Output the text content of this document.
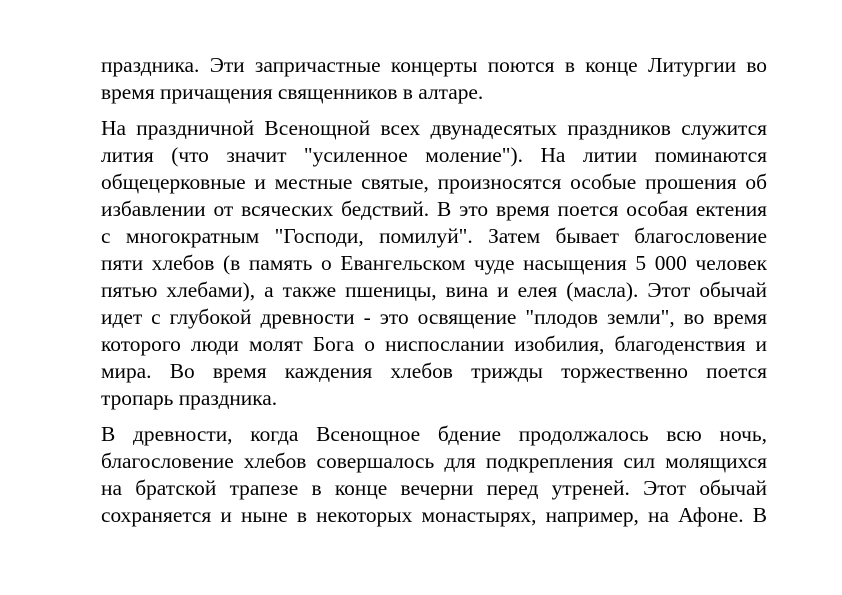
праздника. Эти запричастные концерты поются в конце Литургии во
время причащения священников в алтаре.

На праздничной Всенощной всех двунадесятых праздников служится
лития (что значит "усиленное моление"). На литии поминаются
общецерковные и местные святые, произносятся особые прошения об
избавлении от всяческих бедствий. В это время поется особая ектения
с многократным "Господи, помилуй". Затем бывает благословение
пяти хлебов (в память о Евангельском чуде насыщения 5 000 человек
пятью хлебами), а также пшеницы, вина и елея (масла). Этот обычай
идет с глубокой древности - это освящение "плодов земли", во время
которого люди молят Бога о ниспослании изобилия, благоденствия и
мира. Во время каждения хлебов трижды торжественно поется
тропарь праздника.

В древности, когда Всенощное бдение продолжалось всю ночь,
благословение хлебов совершалось для подкрепления сил молящихся
на братской трапезе в конце вечерни перед утреней. Этот обычай
сохраняется и ныне в некоторых монастырях, например, на Афоне. В
